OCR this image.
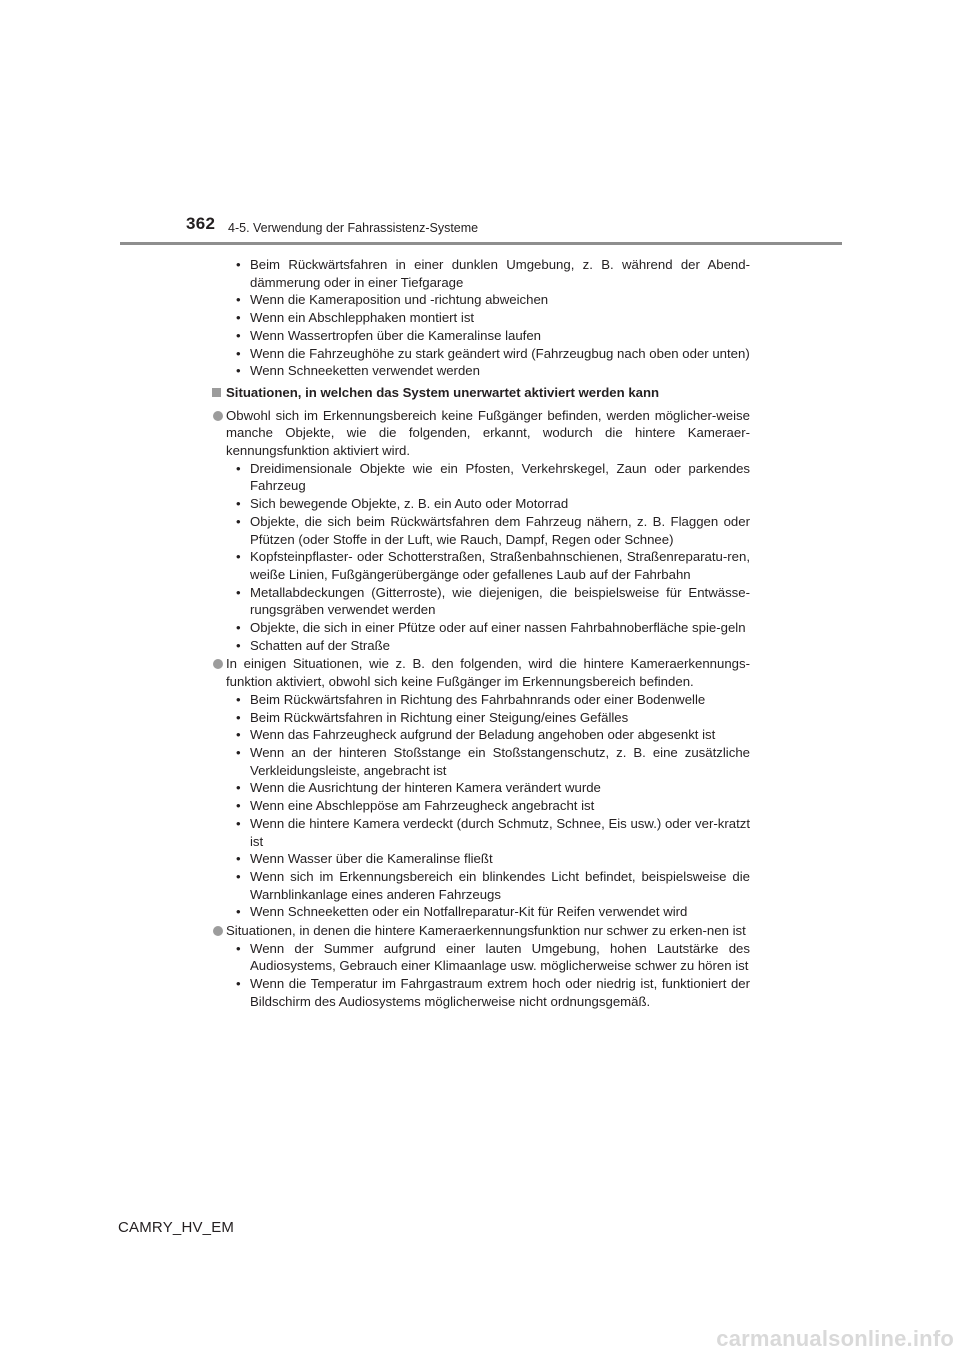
362 4-5. Verwendung der Fahrassistenz-Systeme
• Beim Rückwärtsfahren in einer dunklen Umgebung, z. B. während der Abend-dämmerung oder in einer Tiefgarage
• Wenn die Kameraposition und -richtung abweichen
• Wenn ein Abschlepphaken montiert ist
• Wenn Wassertropfen über die Kameralinse laufen
• Wenn die Fahrzeughöhe zu stark geändert wird (Fahrzeugbug nach oben oder unten)
• Wenn Schneeketten verwendet werden
Situationen, in welchen das System unerwartet aktiviert werden kann
Obwohl sich im Erkennungsbereich keine Fußgänger befinden, werden möglicher-weise manche Objekte, wie die folgenden, erkannt, wodurch die hintere Kameraer-kennungsfunktion aktiviert wird.
• Dreidimensionale Objekte wie ein Pfosten, Verkehrskegel, Zaun oder parkendes Fahrzeug
• Sich bewegende Objekte, z. B. ein Auto oder Motorrad
• Objekte, die sich beim Rückwärtsfahren dem Fahrzeug nähern, z. B. Flaggen oder Pfützen (oder Stoffe in der Luft, wie Rauch, Dampf, Regen oder Schnee)
• Kopfsteinpflaster- oder Schotterstraßen, Straßenbahnschienen, Straßenreparatu-ren, weiße Linien, Fußgängerübergänge oder gefallenes Laub auf der Fahrbahn
• Metallabdeckungen (Gitterroste), wie diejenigen, die beispielsweise für Entwässe-rungsgräben verwendet werden
• Objekte, die sich in einer Pfütze oder auf einer nassen Fahrbahnoberfläche spie-geln
• Schatten auf der Straße
In einigen Situationen, wie z. B. den folgenden, wird die hintere Kameraerkennungs-funktion aktiviert, obwohl sich keine Fußgänger im Erkennungsbereich befinden.
• Beim Rückwärtsfahren in Richtung des Fahrbahnrands oder einer Bodenwelle
• Beim Rückwärtsfahren in Richtung einer Steigung/eines Gefälles
• Wenn das Fahrzeugheck aufgrund der Beladung angehoben oder abgesenkt ist
• Wenn an der hinteren Stoßstange ein Stoßstangenschutz, z. B. eine zusätzliche Verkleidungsleiste, angebracht ist
• Wenn die Ausrichtung der hinteren Kamera verändert wurde
• Wenn eine Abschleppöse am Fahrzeugheck angebracht ist
• Wenn die hintere Kamera verdeckt (durch Schmutz, Schnee, Eis usw.) oder ver-kratzt ist
• Wenn Wasser über die Kameralinse fließt
• Wenn sich im Erkennungsbereich ein blinkendes Licht befindet, beispielsweise die Warnblinkanlage eines anderen Fahrzeugs
• Wenn Schneeketten oder ein Notfallreparatur-Kit für Reifen verwendet wird
Situationen, in denen die hintere Kameraerkennungsfunktion nur schwer zu erken-nen ist
• Wenn der Summer aufgrund einer lauten Umgebung, hohen Lautstärke des Audiosystems, Gebrauch einer Klimaanlage usw. möglicherweise schwer zu hören ist
• Wenn die Temperatur im Fahrgastraum extrem hoch oder niedrig ist, funktioniert der Bildschirm des Audiosystems möglicherweise nicht ordnungsgemäß.
CAMRY_HV_EM
carmanualsonline.info
